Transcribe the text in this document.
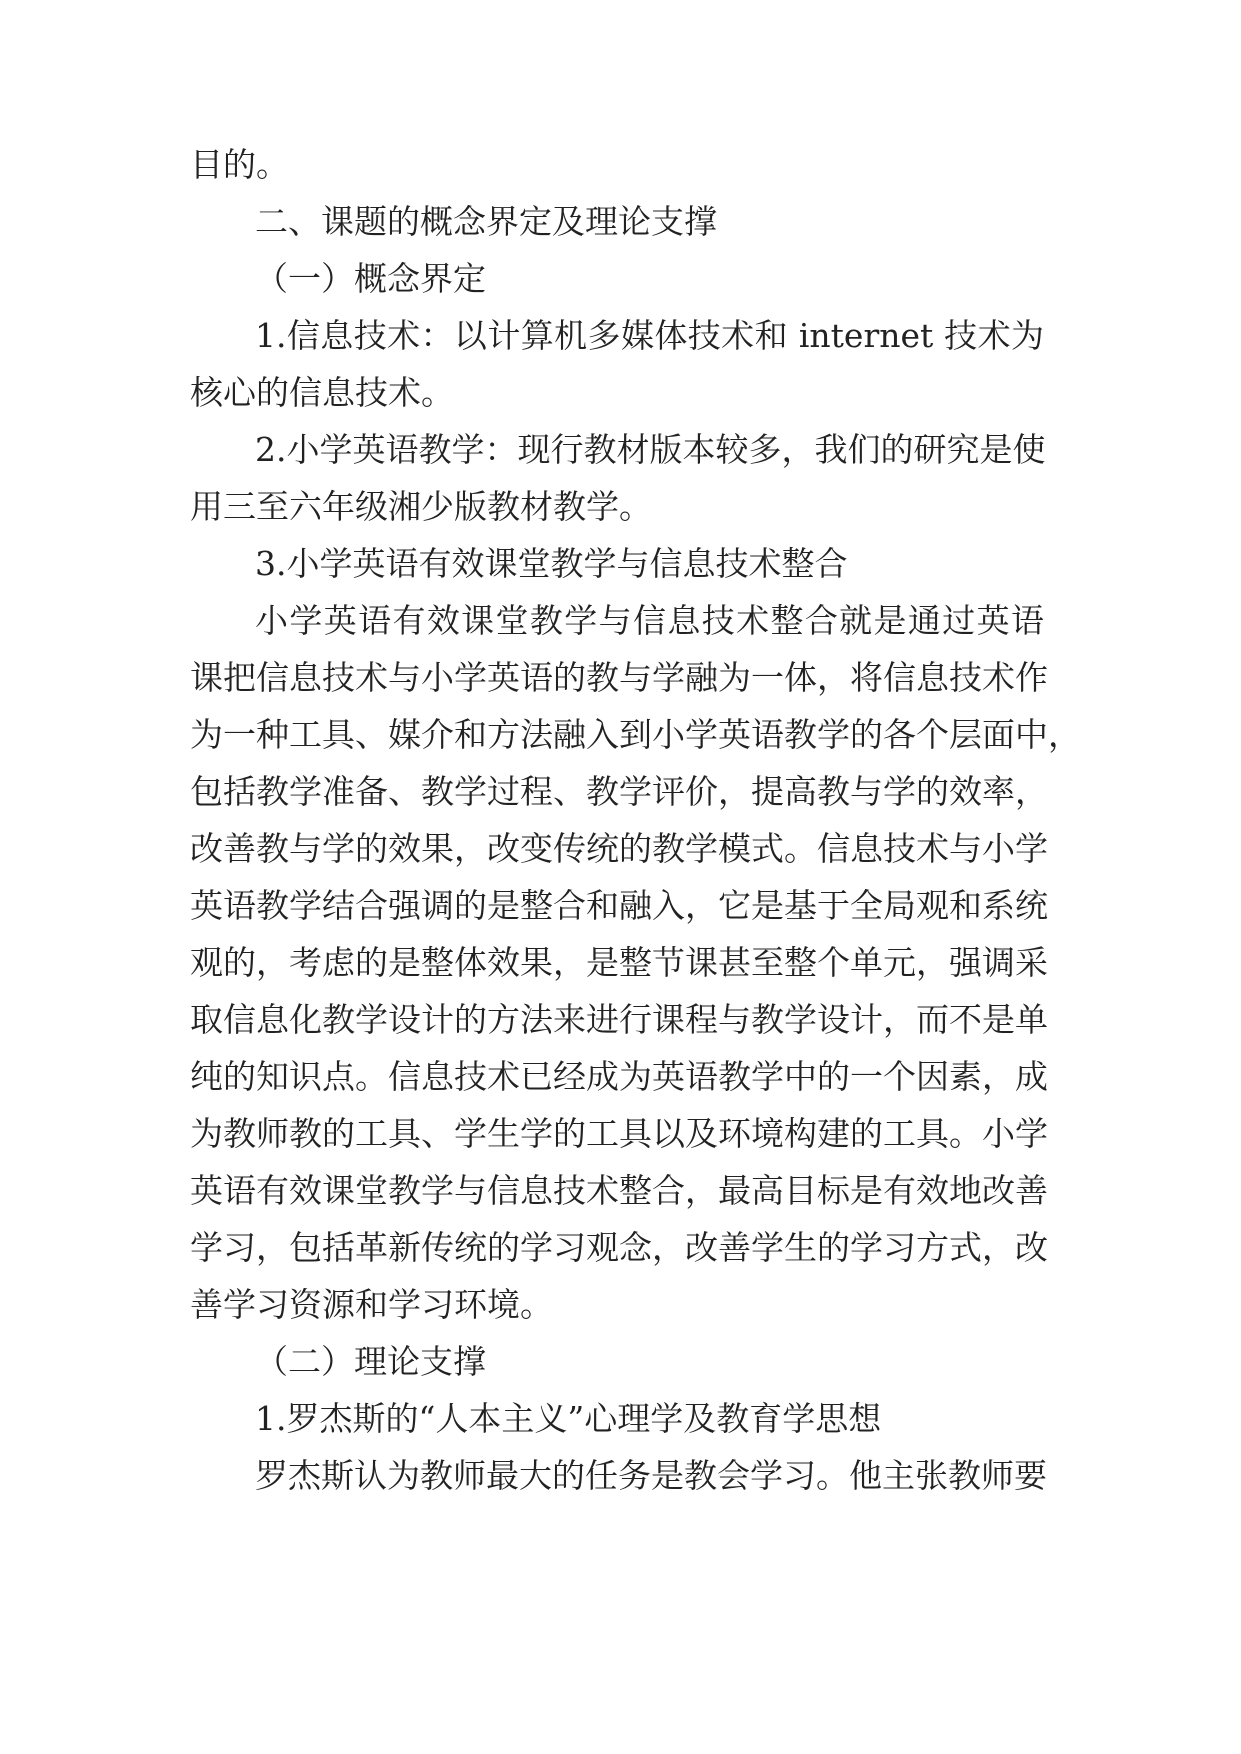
目的。
二、课题的概念界定及理论支撑
（一）概念界定
1.信息技术：以计算机多媒体技术和 internet 技术为
核心的信息技术。
2.小学英语教学：现行教材版本较多，我们的研究是使
用三至六年级湘少版教材教学。
3.小学英语有效课堂教学与信息技术整合
小学英语有效课堂教学与信息技术整合就是通过英语
课把信息技术与小学英语的教与学融为一体，将信息技术作
为一种工具、媒介和方法融入到小学英语教学的各个层面中，
包括教学准备、教学过程、教学评价，提高教与学的效率，
改善教与学的效果，改变传统的教学模式。信息技术与小学
英语教学结合强调的是整合和融入，它是基于全局观和系统
观的，考虑的是整体效果，是整节课甚至整个单元，强调采
取信息化教学设计的方法来进行课程与教学设计，而不是单
纯的知识点。信息技术已经成为英语教学中的一个因素，成
为教师教的工具、学生学的工具以及环境构建的工具。小学
英语有效课堂教学与信息技术整合，最高目标是有效地改善
学习，包括革新传统的学习观念，改善学生的学习方式，改
善学习资源和学习环境。
（二）理论支撑
1.罗杰斯的“人本主义”心理学及教育学思想
罗杰斯认为教师最大的任务是教会学习。他主张教师要
